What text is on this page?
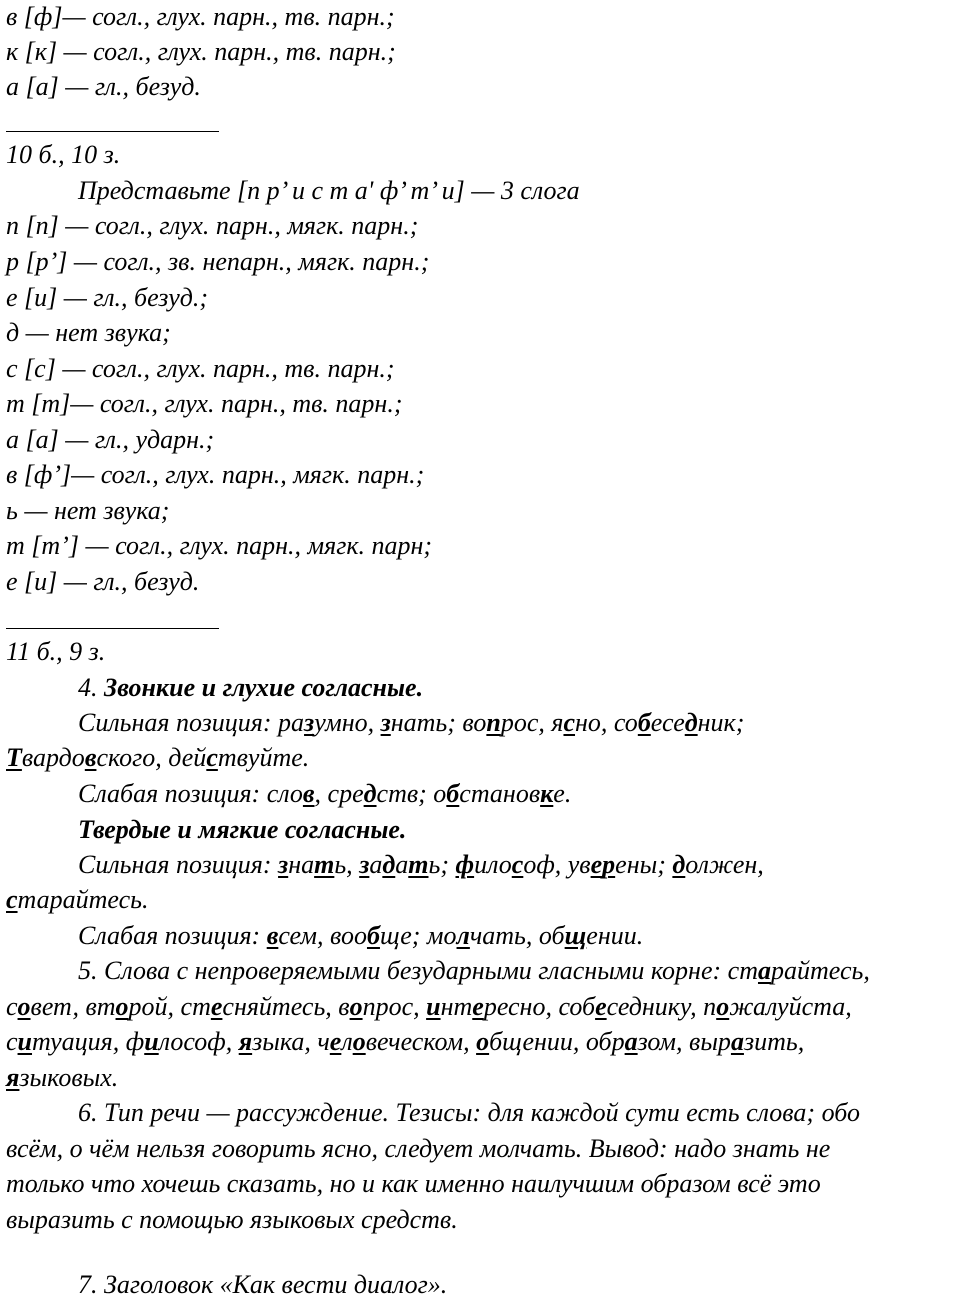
в [ф]— согл., глух. парн., тв. парн.;
к [к] — согл., глух. парн., тв. парн.;
а [а] — гл., безуд.
10 б., 10 з.
Представьте [п р’ и с т а' ф’ т’ и] — 3 слога
п [п] — согл., глух. парн., мягк. парн.;
р [р’] — согл., зв. непарн., мягк. парн.;
е [и] — гл., безуд.;
д — нет звука;
с [с] — согл., глух. парн., тв. парн.;
т [т]— согл., глух. парн., тв. парн.;
а [а] — гл., ударн.;
в [ф’]— согл., глух. парн., мягк. парн.;
ь — нет звука;
т [т’] — согл., глух. парн., мягк. парн;
е [и] — гл., безуд.
11 б., 9 з.
4. Звонкие и глухие согласные.
Сильная позиция: разумно, знать; вопрос, ясно, собеседник;
Твардовского, действуйте.
Слабая позиция: слов, средств; обстановке.
Твердые и мягкие согласные.
Сильная позиция: знать, задать; философ, уверены; должен,
старайтесь.
Слабая позиция: всем, вообще; молчать, общении.
5. Слова с непроверяемыми безударными гласными корне: старайтесь,
совет, второй, стесняйтесь, вопрос, интересно, собеседнику, пожалуйста,
ситуация, философ, языка, человеческом, общении, образом, выразить,
языковых.
6. Тип речи — рассуждение. Тезисы: для каждой сути есть слова; обо
всём, о чём нельзя говорить ясно, следует молчать. Вывод: надо знать не
только что хочешь сказать, но и как именно наилучшим образом всё это
выразить с помощью языковых средств.
7. Заголовок «Как вести диалог».
